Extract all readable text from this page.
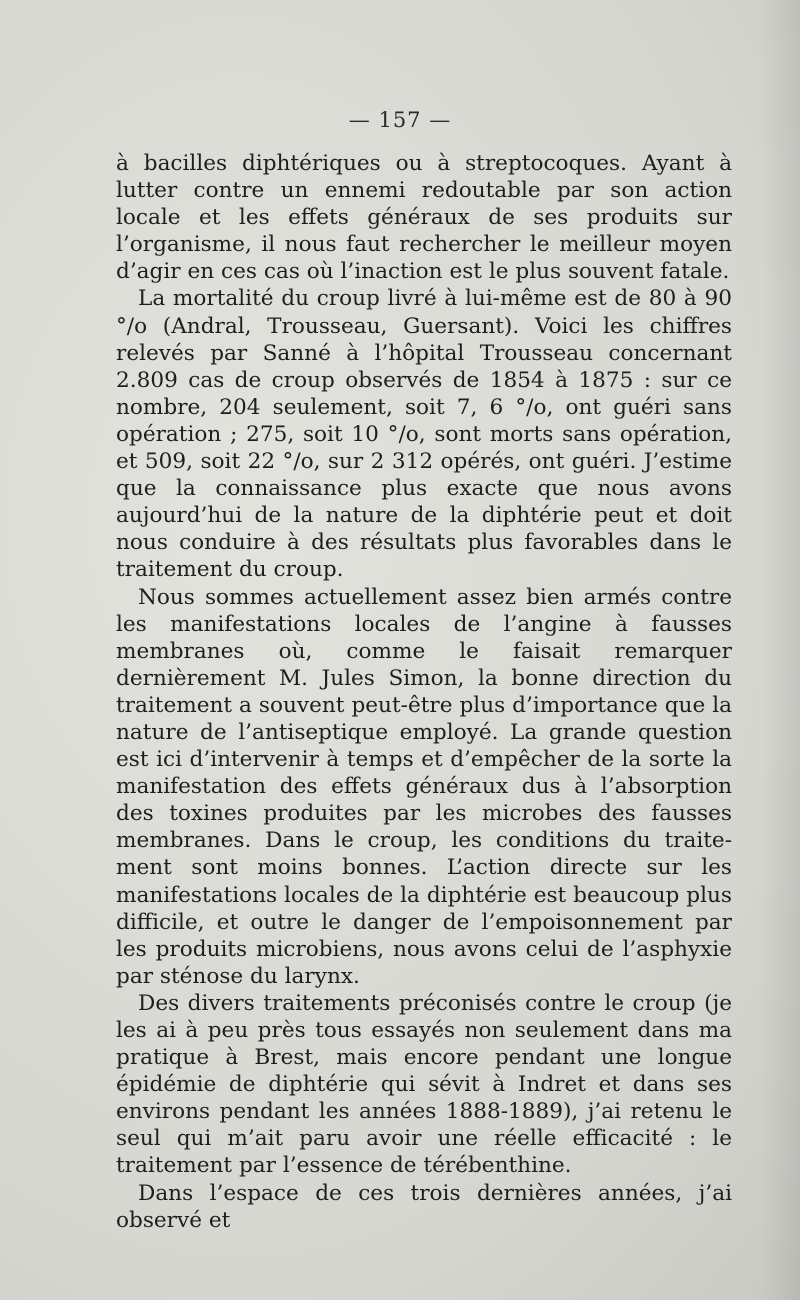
— 157 —

à bacilles diphtériques ou à streptocoques. Ayant à lutter contre un ennemi redoutable par son action locale et les effets généraux de ses produits sur l’organisme, il nous faut rechercher le meilleur moyen d’agir en ces cas où l’inaction est le plus souvent fatale.

La mortalité du croup livré à lui-même est de 80 à 90 °/o (Andral, Trousseau, Guersant). Voici les chiffres relevés par Sanné à l’hôpital Trousseau concernant 2.809 cas de croup observés de 1854 à 1875 : sur ce nombre, 204 seulement, soit 7, 6 °/o, ont guéri sans opération ; 275, soit 10 °/o, sont morts sans opération, et 509, soit 22 °/o, sur 2 312 opérés, ont guéri. J’estime que la connaissance plus exacte que nous avons aujourd’hui de la nature de la diphtérie peut et doit nous conduire à des résultats plus favorables dans le traitement du croup.

Nous sommes actuellement assez bien armés contre les manifestations locales de l’angine à fausses membranes où, comme le faisait remarquer dernièrement M. Jules Simon, la bonne direction du traitement a souvent peut-être plus d’importance que la nature de l’antiseptique employé. La grande question est ici d’intervenir à temps et d’empêcher de la sorte la manifestation des effets généraux dus à l’absorption des toxines produites par les microbes des fausses membranes. Dans le croup, les conditions du traitement sont moins bonnes. L’action directe sur les manifestations locales de la diphtérie est beaucoup plus difficile, et outre le danger de l’empoisonnement par les produits microbiens, nous avons celui de l’asphyxie par sténose du larynx.

Des divers traitements préconisés contre le croup (je les ai à peu près tous essayés non seulement dans ma pratique à Brest, mais encore pendant une longue épidémie de diphtérie qui sévit à Indret et dans ses environs pendant les années 1888-1889), j’ai retenu le seul qui m’ait paru avoir une réelle efficacité : le traitement par l’essence de térébenthine.

Dans l’espace de ces trois dernières années, j’ai observé et
